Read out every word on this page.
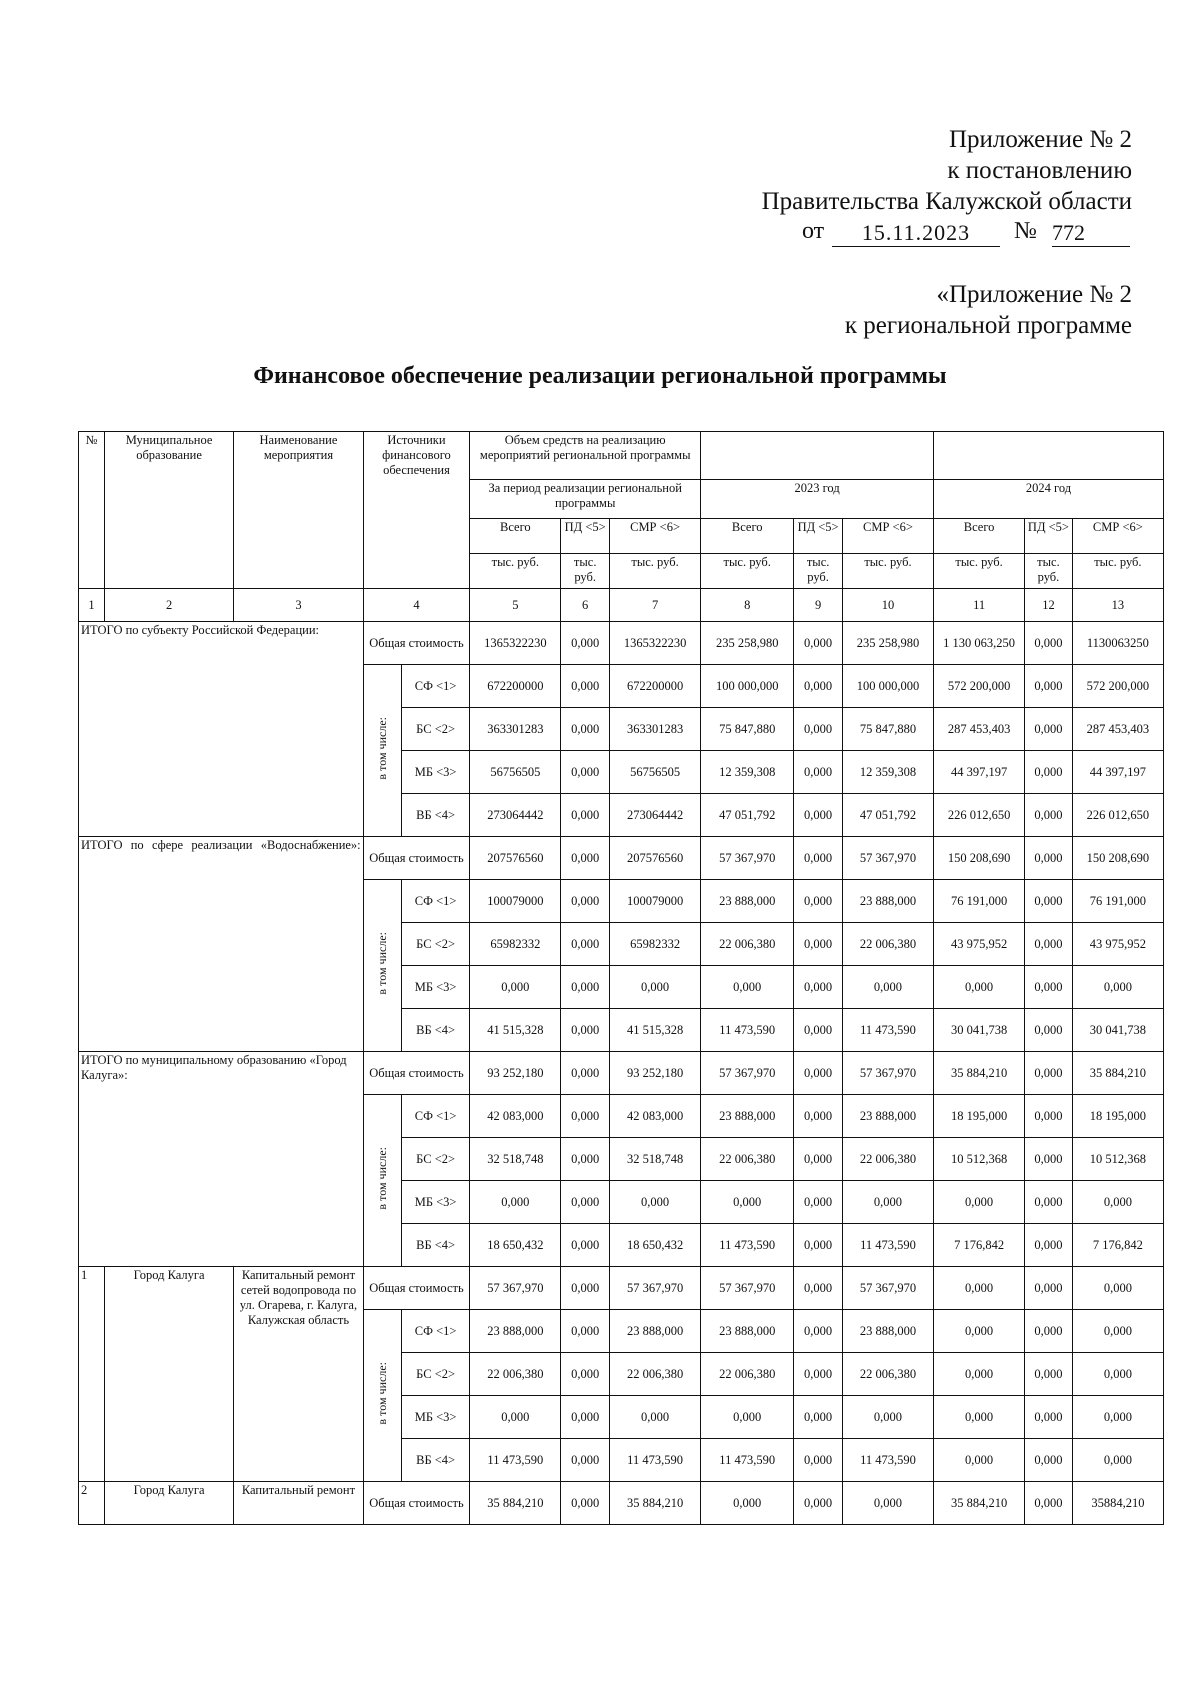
Приложение № 2
к постановлению
Правительства Калужской области
от	15.11.2023	№ 772
«Приложение № 2
к региональной программе
Финансовое обеспечение реализации региональной программы
№	Муниципальное образование	Наименование мероприятия	Источники финансового обеспечения		Объем средств на реализацию мероприятий региональной программы								
					За период реализации региональной программы			2023 год			2024 год		
					Всего	ПД <5>	СМР <6>	Всего	ПД <5>	СМР <6>	Всего	ПД <5>	СМР <6>
					тыс. руб.	тыс. руб.	тыс. руб.	тыс. руб.	тыс. руб.	тыс. руб.	тыс. руб.	тыс. руб.	тыс. руб.
1	2	3	4		5	6	7	8	9	10	11	12	13
ИТОГО по субъекту Российской Федерации:			Общая стоимость		1365322230	0,000	1365322230	235 258,980	0,000	235 258,980	1 130 063,250	0,000	1130063250
			в том числе:	СФ <1>	672200000	0,000	672200000	100 000,000	0,000	100 000,000	572 200,000	0,000	572 200,000
				БС <2>	363301283	0,000	363301283	75 847,880	0,000	75 847,880	287 453,403	0,000	287 453,403
				МБ <3>	56756505	0,000	56756505	12 359,308	0,000	12 359,308	44 397,197	0,000	44 397,197
				ВБ <4>	273064442	0,000	273064442	47 051,792	0,000	47 051,792	226 012,650	0,000	226 012,650
ИТОГО по сфере реализации «Водоснабжение»:			Общая стоимость		207576560	0,000	207576560	57 367,970	0,000	57 367,970	150 208,690	0,000	150 208,690
			в том числе:	СФ <1>	100079000	0,000	100079000	23 888,000	0,000	23 888,000	76 191,000	0,000	76 191,000
				БС <2>	65982332	0,000	65982332	22 006,380	0,000	22 006,380	43 975,952	0,000	43 975,952
				МБ <3>	0,000	0,000	0,000	0,000	0,000	0,000	0,000	0,000	0,000
				ВБ <4>	41 515,328	0,000	41 515,328	11 473,590	0,000	11 473,590	30 041,738	0,000	30 041,738
ИТОГО по муниципальному образованию «Город Калуга»:			Общая стоимость		93 252,180	0,000	93 252,180	57 367,970	0,000	57 367,970	35 884,210	0,000	35 884,210
			в том числе:	СФ <1>	42 083,000	0,000	42 083,000	23 888,000	0,000	23 888,000	18 195,000	0,000	18 195,000
				БС <2>	32 518,748	0,000	32 518,748	22 006,380	0,000	22 006,380	10 512,368	0,000	10 512,368
				МБ <3>	0,000	0,000	0,000	0,000	0,000	0,000	0,000	0,000	0,000
				ВБ <4>	18 650,432	0,000	18 650,432	11 473,590	0,000	11 473,590	7 176,842	0,000	7 176,842
1	Город Калуга	Капитальный ремонт сетей водопровода по ул. Огарева, г. Калуга, Калужская область	Общая стоимость		57 367,970	0,000	57 367,970	57 367,970	0,000	57 367,970	0,000	0,000	0,000
			в том числе:	СФ <1>	23 888,000	0,000	23 888,000	23 888,000	0,000	23 888,000	0,000	0,000	0,000
				БС <2>	22 006,380	0,000	22 006,380	22 006,380	0,000	22 006,380	0,000	0,000	0,000
				МБ <3>	0,000	0,000	0,000	0,000	0,000	0,000	0,000	0,000	0,000
				ВБ <4>	11 473,590	0,000	11 473,590	11 473,590	0,000	11 473,590	0,000	0,000	0,000
2	Город Калуга	Капитальный ремонт	Общая стоимость		35 884,210	0,000	35 884,210	0,000	0,000	0,000	35 884,210	0,000	35884,210
